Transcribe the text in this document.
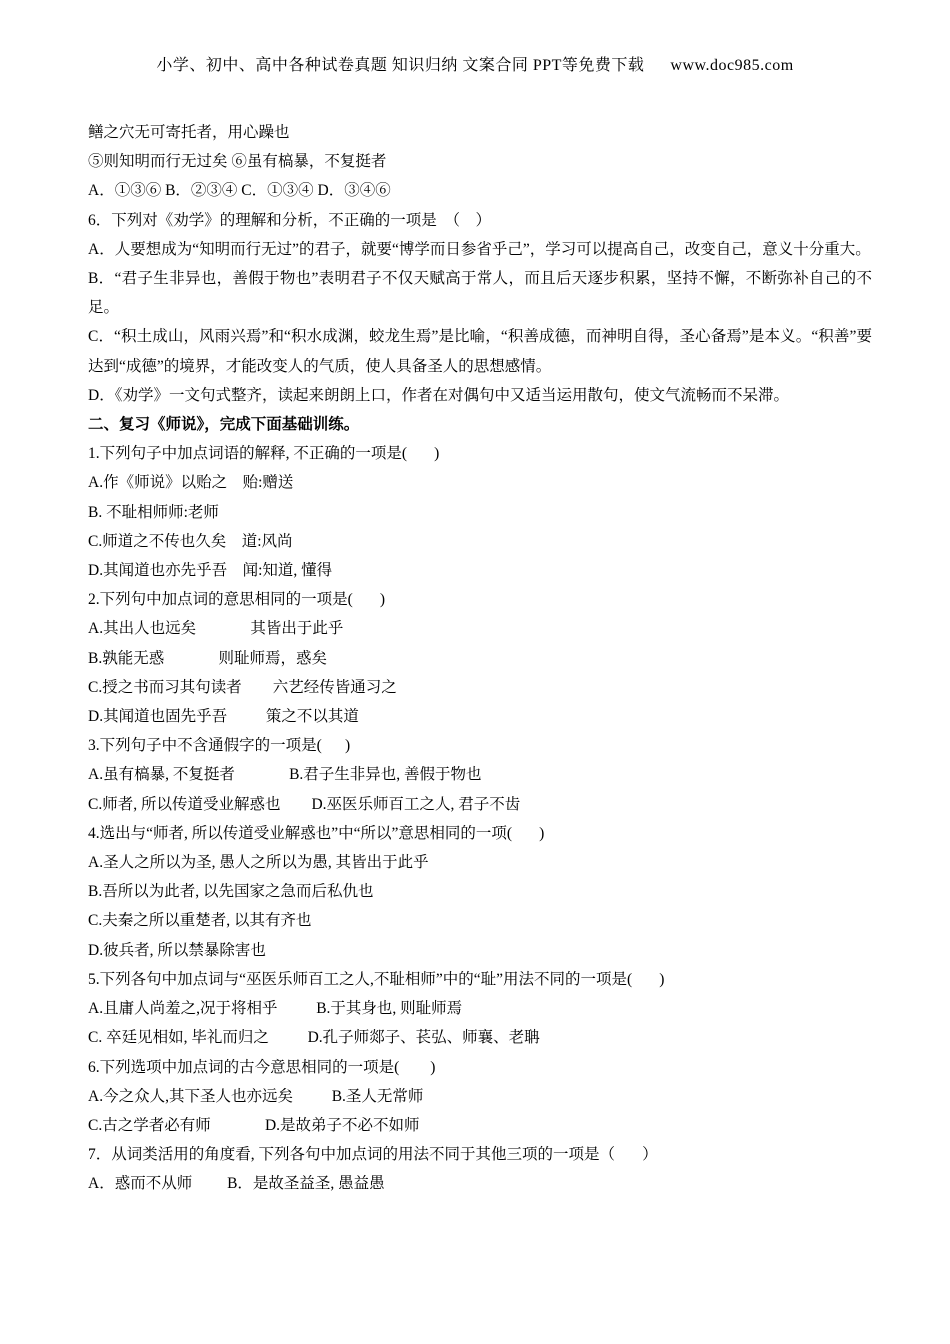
小学、初中、高中各种试卷真题 知识归纳 文案合同 PPT等免费下载 www.doc985.com
鳝之穴无可寄托者，用心躁也
⑤则知明而行无过矣 ⑥虽有槁暴，不复挺者
A．①③⑥ B．②③④ C．①③④ D．③④⑥
6．下列对《劝学》的理解和分析，不正确的一项是  （    ）
A．人要想成为“知明而行无过”的君子，就要“博学而日参省乎己”，学习可以提高自己，改变自己，意义十分重大。
B．“君子生非异也，善假于物也”表明君子不仅天赋高于常人，而且后天逐步积累，坚持不懈，不断弥补自己的不足。
C．“积土成山，风雨兴焉”和“积水成渊，蛟龙生焉”是比喻，“积善成德，而神明自得，圣心备焉”是本义。“积善”要达到“成德”的境界，才能改变人的气质，使人具备圣人的思想感情。
D．《劝学》一文句式整齐，读起来朗朗上口，作者在对偶句中又适当运用散句，使文气流畅而不呆滞。
二、复习《师说》，完成下面基础训练。
1.下列句子中加点词语的解释, 不正确的一项是(       )
A.作《师说》以贻之    贻:赠送
B. 不耻相师师:老师
C.师道之不传也久矣    道:风尚
D.其闻道也亦先乎吾    闻:知道, 懂得
2.下列句中加点词的意思相同的一项是(       )
A.其出人也远矣              其皆出于此乎
B.孰能无惑              则耻师焉，惑矣
C.授之书而习其句读者        六艺经传皆通习之
D.其闻道也固先乎吾          策之不以其道
3.下列句子中不含通假字的一项是(      )
A.虽有槁暴, 不复挺者              B.君子生非异也, 善假于物也
C.师者, 所以传道受业解惑也        D.巫医乐师百工之人, 君子不齿
4.选出与“师者, 所以传道受业解惑也”中“所以”意思相同的一项(       )
A.圣人之所以为圣, 愚人之所以为愚, 其皆出于此乎
B.吾所以为此者, 以先国家之急而后私仇也
C.夫秦之所以重楚者, 以其有齐也
D.彼兵者, 所以禁暴除害也
5.下列各句中加点词与“巫医乐师百工之人,不耻相师”中的“耻”用法不同的一项是(       )
A.且庸人尚羞之,况于将相乎          B.于其身也, 则耻师焉
C. 卒廷见相如, 毕礼而归之          D.孔子师郯子、苌弘、师襄、老聃
6.下列选项中加点词的古今意思相同的一项是(        )
A.今之众人,其下圣人也亦远矣          B.圣人无常师
C.古之学者必有师              D.是故弟子不必不如师
7．从词类活用的角度看, 下列各句中加点词的用法不同于其他三项的一项是（       ）
A．惑而不从师         B．是故圣益圣, 愚益愚
